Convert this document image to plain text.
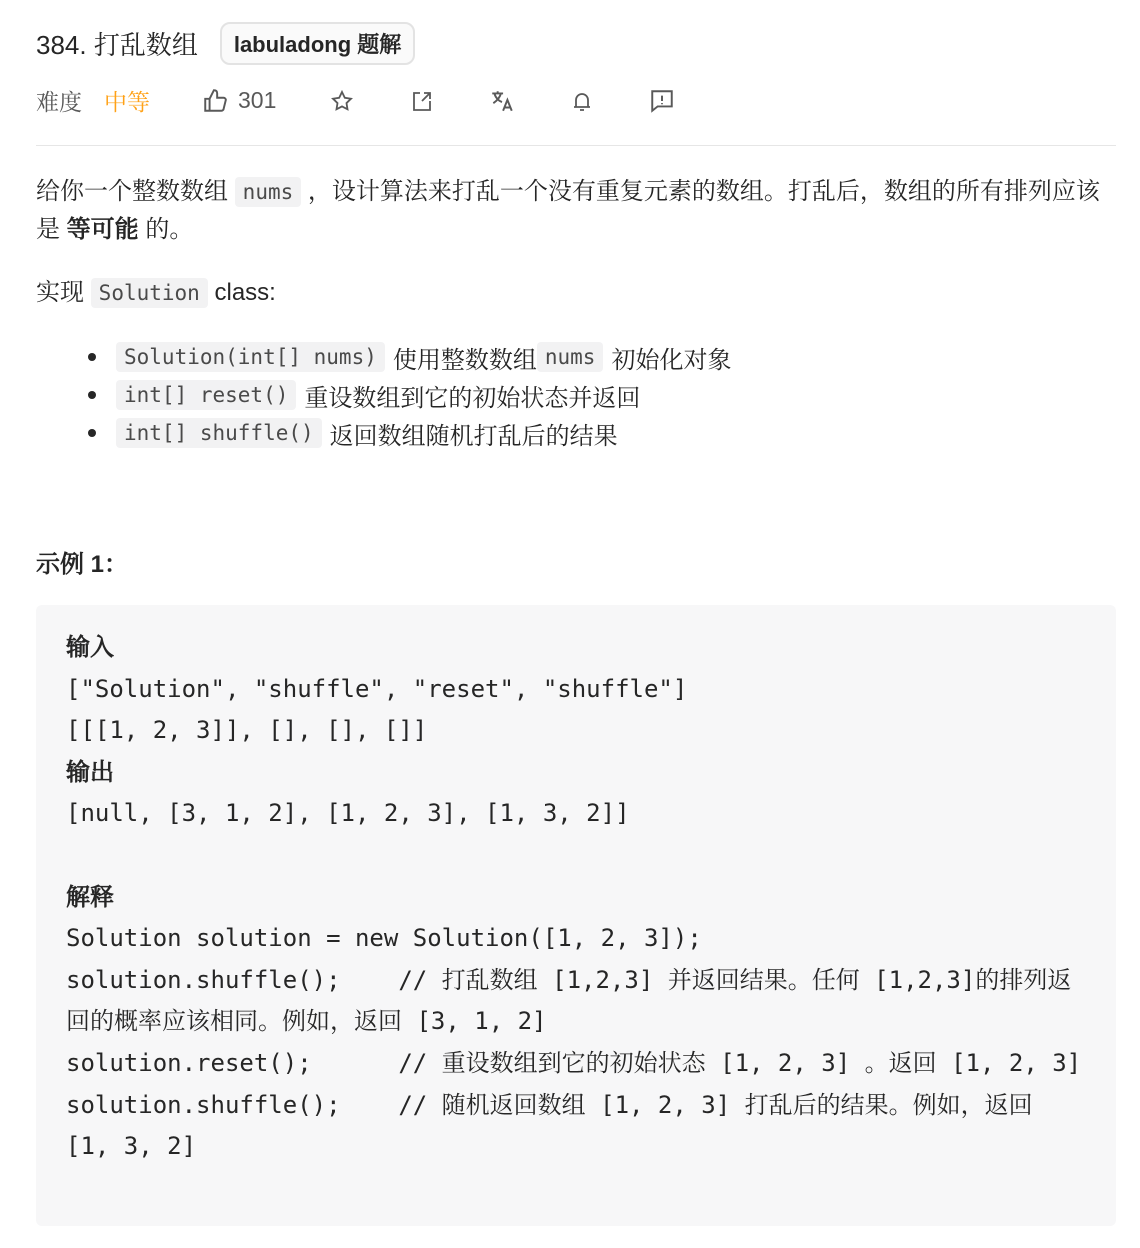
384. 打乱数组	labuladong 题解
难度 中等	301
给你一个整数数组 nums ，设计算法来打乱一个没有重复元素的数组。打乱后，数组的所有排列应该是 等可能 的。
实现 Solution class:
Solution(int[] nums) 使用整数数组 nums 初始化对象
int[] reset() 重设数组到它的初始状态并返回
int[] shuffle() 返回数组随机打乱后的结果
示例 1：
输入
["Solution", "shuffle", "reset", "shuffle"]
[[[1, 2, 3]], [], [], []]
输出
[null, [3, 1, 2], [1, 2, 3], [1, 3, 2]]

解释
Solution solution = new Solution([1, 2, 3]);
solution.shuffle();    // 打乱数组 [1,2,3] 并返回结果。任何 [1,2,3]的排列返回的概率应该相同。例如，返回 [3, 1, 2]
solution.reset();      // 重设数组到它的初始状态 [1, 2, 3] 。返回 [1, 2, 3]
solution.shuffle();    // 随机返回数组 [1, 2, 3] 打乱后的结果。例如，返回 [1, 3, 2]
